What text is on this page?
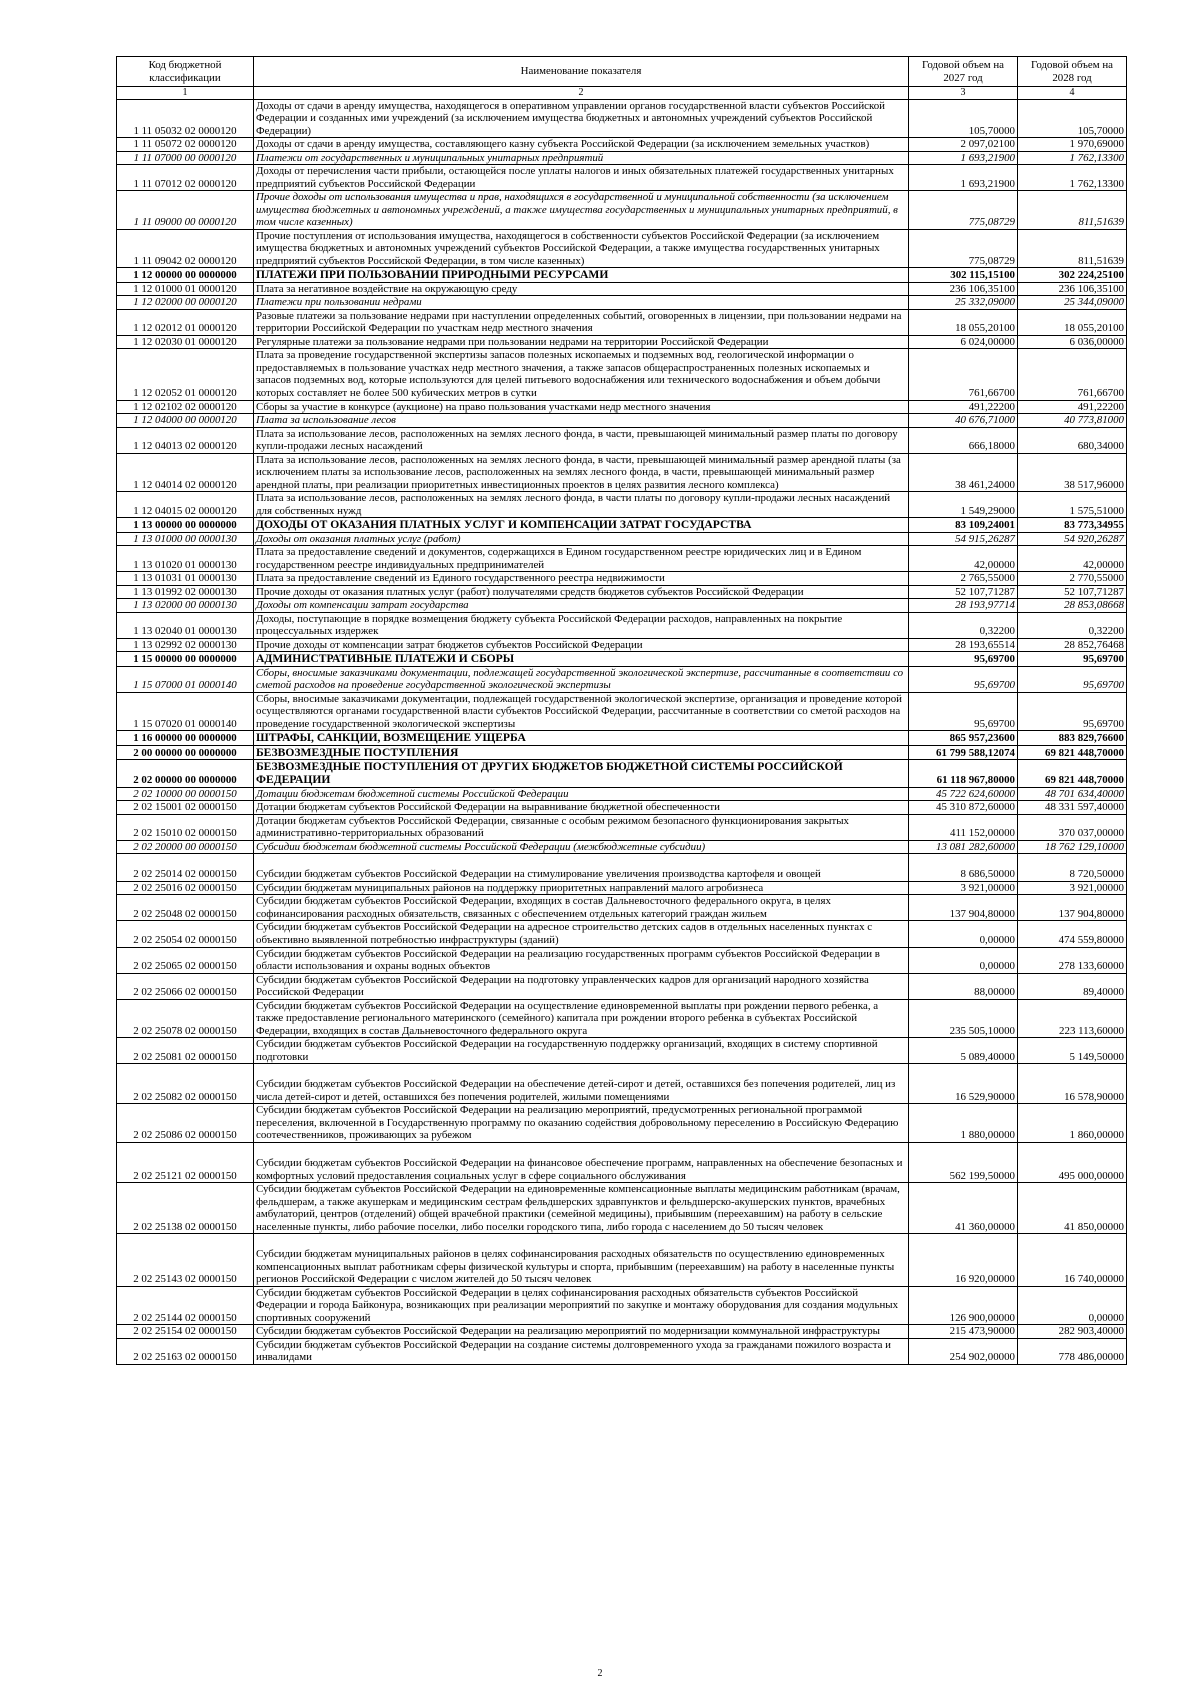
Код бюджетной классификации	Наименование показателя	Годовой объем на 2027 год	Годовой объем на 2028 год
1	2	3	4
1 11 05032 02 0000120	Доходы от сдачи в аренду имущества, находящегося в оперативном управлении органов государственной власти субъектов Российской Федерации и созданных ими учреждений (за исключением имущества бюджетных и автономных учреждений субъектов Российской Федерации)	105,70000	105,70000
1 11 05072 02 0000120	Доходы от сдачи в аренду имущества, составляющего казну субъекта Российской Федерации (за исключением земельных участков)	2 097,02100	1 970,69000
1 11 07000 00 0000120	Платежи от государственных и муниципальных унитарных предприятий	1 693,21900	1 762,13300
1 11 07012 02 0000120	Доходы от перечисления части прибыли, остающейся после уплаты налогов и иных обязательных платежей государственных унитарных предприятий субъектов Российской Федерации	1 693,21900	1 762,13300
1 11 09000 00 0000120	Прочие доходы от использования имущества и прав, находящихся в государственной и муниципальной собственности (за исключением имущества бюджетных и автономных учреждений, а также имущества государственных и муниципальных унитарных предприятий, в том числе казенных)	775,08729	811,51639
1 11 09042 02 0000120	Прочие поступления от использования имущества, находящегося в собственности субъектов Российской Федерации (за исключением имущества бюджетных и автономных учреждений субъектов Российской Федерации, а также имущества государственных унитарных предприятий субъектов Российской Федерации, в том числе казенных)	775,08729	811,51639
1 12 00000 00 0000000	ПЛАТЕЖИ ПРИ ПОЛЬЗОВАНИИ ПРИРОДНЫМИ РЕСУРСАМИ	302 115,15100	302 224,25100
1 12 01000 01 0000120	Плата за негативное воздействие на окружающую среду	236 106,35100	236 106,35100
1 12 02000 00 0000120	Платежи при пользовании недрами	25 332,09000	25 344,09000
1 12 02012 01 0000120	Разовые платежи за пользование недрами при наступлении определенных событий, оговоренных в лицензии, при пользовании недрами на территории Российской Федерации по участкам недр местного значения	18 055,20100	18 055,20100
1 12 02030 01 0000120	Регулярные платежи за пользование недрами при пользовании недрами на территории Российской Федерации	6 024,00000	6 036,00000
1 12 02052 01 0000120	Плата за проведение государственной экспертизы запасов полезных ископаемых и подземных вод, геологической информации о предоставляемых в пользование участках недр местного значения, а также запасов общераспространенных полезных ископаемых и запасов подземных вод, которые используются для целей питьевого водоснабжения или технического водоснабжения и объем добычи которых составляет не более 500 кубических метров в сутки	761,66700	761,66700
1 12 02102 02 0000120	Сборы за участие в конкурсе (аукционе) на право пользования участками недр местного значения	491,22200	491,22200
1 12 04000 00 0000120	Плата за использование лесов	40 676,71000	40 773,81000
1 12 04013 02 0000120	Плата за использование лесов, расположенных на землях лесного фонда, в части, превышающей минимальный размер платы по договору купли-продажи лесных насаждений	666,18000	680,34000
1 12 04014 02 0000120	Плата за использование лесов, расположенных на землях лесного фонда, в части, превышающей минимальный размер арендной платы (за исключением платы за использование лесов, расположенных на землях лесного фонда, в части, превышающей минимальный размер арендной платы, при реализации приоритетных инвестиционных проектов в целях развития лесного комплекса)	38 461,24000	38 517,96000
1 12 04015 02 0000120	Плата за использование лесов, расположенных на землях лесного фонда, в части платы по договору купли-продажи лесных насаждений для собственных нужд	1 549,29000	1 575,51000
1 13 00000 00 0000000	ДОХОДЫ ОТ ОКАЗАНИЯ ПЛАТНЫХ УСЛУГ И КОМПЕНСАЦИИ ЗАТРАТ ГОСУДАРСТВА	83 109,24001	83 773,34955
1 13 01000 00 0000130	Доходы от оказания платных услуг (работ)	54 915,26287	54 920,26287
1 13 01020 01 0000130	Плата за предоставление сведений и документов, содержащихся в Едином государственном реестре юридических лиц и в Едином государственном реестре индивидуальных предпринимателей	42,00000	42,00000
1 13 01031 01 0000130	Плата за предоставление сведений из Единого государственного реестра недвижимости	2 765,55000	2 770,55000
1 13 01992 02 0000130	Прочие доходы от оказания платных услуг (работ) получателями средств бюджетов субъектов Российской Федерации	52 107,71287	52 107,71287
1 13 02000 00 0000130	Доходы от компенсации затрат государства	28 193,97714	28 853,08668
1 13 02040 01 0000130	Доходы, поступающие в порядке возмещения бюджету субъекта Российской Федерации расходов, направленных на покрытие процессуальных издержек	0,32200	0,32200
1 13 02992 02 0000130	Прочие доходы от компенсации затрат бюджетов субъектов Российской Федерации	28 193,65514	28 852,76468
1 15 00000 00 0000000	АДМИНИСТРАТИВНЫЕ ПЛАТЕЖИ И СБОРЫ	95,69700	95,69700
1 15 07000 01 0000140	Сборы, вносимые заказчиками документации, подлежащей государственной экологической экспертизе, рассчитанные в соответствии со сметой расходов на проведение государственной экологической экспертизы	95,69700	95,69700
1 15 07020 01 0000140	Сборы, вносимые заказчиками документации, подлежащей государственной экологической экспертизе, организация и проведение которой осуществляются органами государственной власти субъектов Российской Федерации, рассчитанные в соответствии со сметой расходов на проведение государственной экологической экспертизы	95,69700	95,69700
1 16 00000 00 0000000	ШТРАФЫ, САНКЦИИ, ВОЗМЕЩЕНИЕ УЩЕРБА	865 957,23600	883 829,76600
2 00 00000 00 0000000	БЕЗВОЗМЕЗДНЫЕ ПОСТУПЛЕНИЯ	61 799 588,12074	69 821 448,70000
2 02 00000 00 0000000	БЕЗВОЗМЕЗДНЫЕ ПОСТУПЛЕНИЯ ОТ ДРУГИХ БЮДЖЕТОВ БЮДЖЕТНОЙ СИСТЕМЫ РОССИЙСКОЙ ФЕДЕРАЦИИ	61 118 967,80000	69 821 448,70000
2 02 10000 00 0000150	Дотации бюджетам бюджетной системы Российской Федерации	45 722 624,60000	48 701 634,40000
2 02 15001 02 0000150	Дотации бюджетам субъектов Российской Федерации на выравнивание бюджетной обеспеченности	45 310 872,60000	48 331 597,40000
2 02 15010 02 0000150	Дотации бюджетам субъектов Российской Федерации, связанные с особым режимом безопасного функционирования закрытых административно-территориальных образований	411 152,00000	370 037,00000
2 02 20000 00 0000150	Субсидии бюджетам бюджетной системы Российской Федерации (межбюджетные субсидии)	13 081 282,60000	18 762 129,10000
2 02 25014 02 0000150	Субсидии бюджетам субъектов Российской Федерации на стимулирование увеличения производства картофеля и овощей	8 686,50000	8 720,50000
2 02 25016 02 0000150	Субсидии бюджетам муниципальных районов на поддержку приоритетных направлений малого агробизнеса	3 921,00000	3 921,00000
2 02 25048 02 0000150	Субсидии бюджетам субъектов Российской Федерации, входящих в состав Дальневосточного федерального округа, в целях софинансирования расходных обязательств, связанных с обеспечением отдельных категорий граждан жильем	137 904,80000	137 904,80000
2 02 25054 02 0000150	Субсидии бюджетам субъектов Российской Федерации на адресное строительство детских садов в отдельных населенных пунктах с объективно выявленной потребностью инфраструктуры (зданий)	0,00000	474 559,80000
2 02 25065 02 0000150	Субсидии бюджетам субъектов Российской Федерации на реализацию государственных программ субъектов Российской Федерации в области использования и охраны водных объектов	0,00000	278 133,60000
2 02 25066 02 0000150	Субсидии бюджетам субъектов Российской Федерации на подготовку управленческих кадров для организаций народного хозяйства Российской Федерации	88,00000	89,40000
2 02 25078 02 0000150	Субсидии бюджетам субъектов Российской Федерации на осуществление единовременной выплаты при рождении первого ребенка, а также предоставление регионального материнского (семейного) капитала при рождении второго ребенка в субъектах Российской Федерации, входящих в состав Дальневосточного федерального округа	235 505,10000	223 113,60000
2 02 25081 02 0000150	Субсидии бюджетам субъектов Российской Федерации на государственную поддержку организаций, входящих в систему спортивной подготовки	5 089,40000	5 149,50000
2 02 25082 02 0000150	Субсидии бюджетам субъектов Российской Федерации на обеспечение детей-сирот и детей, оставшихся без попечения родителей, лиц из числа детей-сирот и детей, оставшихся без попечения родителей, жилыми помещениями	16 529,90000	16 578,90000
2 02 25086 02 0000150	Субсидии бюджетам субъектов Российской Федерации на реализацию мероприятий, предусмотренных региональной программой переселения, включенной в Государственную программу по оказанию содействия добровольному переселению в Российскую Федерацию соотечественников, проживающих за рубежом	1 880,00000	1 860,00000
2 02 25121 02 0000150	Субсидии бюджетам субъектов Российской Федерации на финансовое обеспечение программ, направленных на обеспечение безопасных и комфортных условий предоставления социальных услуг в сфере социального обслуживания	562 199,50000	495 000,00000
2 02 25138 02 0000150	Субсидии бюджетам субъектов Российской Федерации на единовременные компенсационные выплаты медицинским работникам (врачам, фельдшерам, а также акушеркам и медицинским сестрам фельдшерских здравпунктов и фельдшерско-акушерских пунктов, врачебных амбулаторий, центров (отделений) общей врачебной практики (семейной медицины), прибывшим (переехавшим) на работу в сельские населенные пункты, либо рабочие поселки, либо поселки городского типа, либо города с населением до 50 тысяч человек	41 360,00000	41 850,00000
2 02 25143 02 0000150	Субсидии бюджетам муниципальных районов в целях софинансирования расходных обязательств по осуществлению единовременных компенсационных выплат работникам сферы физической культуры и спорта, прибывшим (переехавшим) на работу в населенные пункты регионов Российской Федерации с числом жителей до 50 тысяч человек	16 920,00000	16 740,00000
2 02 25144 02 0000150	Субсидии бюджетам субъектов Российской Федерации в целях софинансирования расходных обязательств субъектов Российской Федерации и города Байконура, возникающих при реализации мероприятий по закупке и монтажу оборудования для создания модульных спортивных сооружений	126 900,00000	0,00000
2 02 25154 02 0000150	Субсидии бюджетам субъектов Российской Федерации на реализацию мероприятий по модернизации коммунальной инфраструктуры	215 473,90000	282 903,40000
2 02 25163 02 0000150	Субсидии бюджетам субъектов Российской Федерации на создание системы долговременного ухода за гражданами пожилого возраста и инвалидами	254 902,00000	778 486,00000
2
